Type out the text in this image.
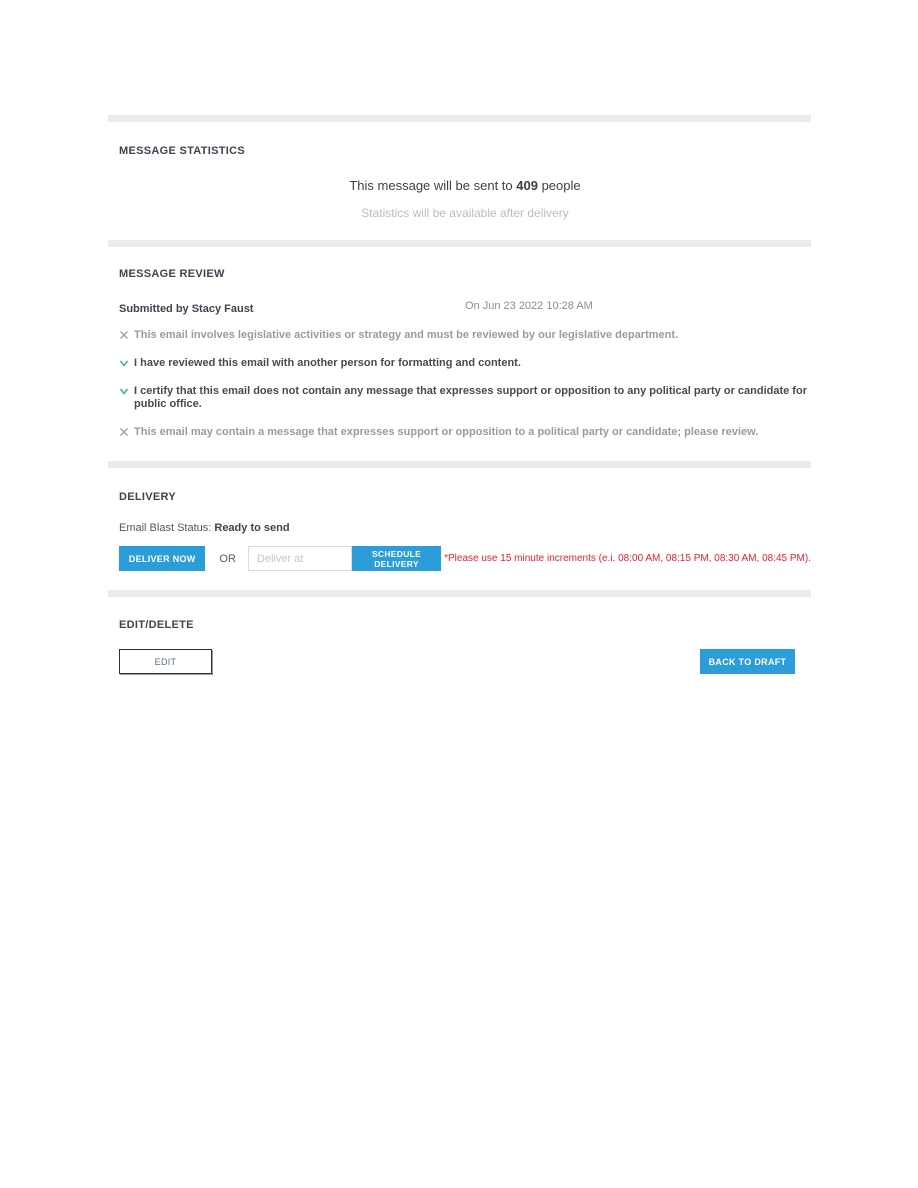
MESSAGE STATISTICS
This message will be sent to 409 people
Statistics will be available after delivery
MESSAGE REVIEW
Submitted by Stacy Faust	On Jun 23 2022 10:28 AM
This email involves legislative activities or strategy and must be reviewed by our legislative department.
I have reviewed this email with another person for formatting and content.
I certify that this email does not contain any message that expresses support or opposition to any political party or candidate for public office.
This email may contain a message that expresses support or opposition to a political party or candidate; please review.
DELIVERY
Email Blast Status: Ready to send
DELIVER NOW	OR
Deliver at	SCHEDULE DELIVERY	*Please use 15 minute increments (e.i. 08:00 AM, 08:15 PM, 08:30 AM, 08:45 PM).
EDIT/DELETE
EDIT	BACK TO DRAFT
